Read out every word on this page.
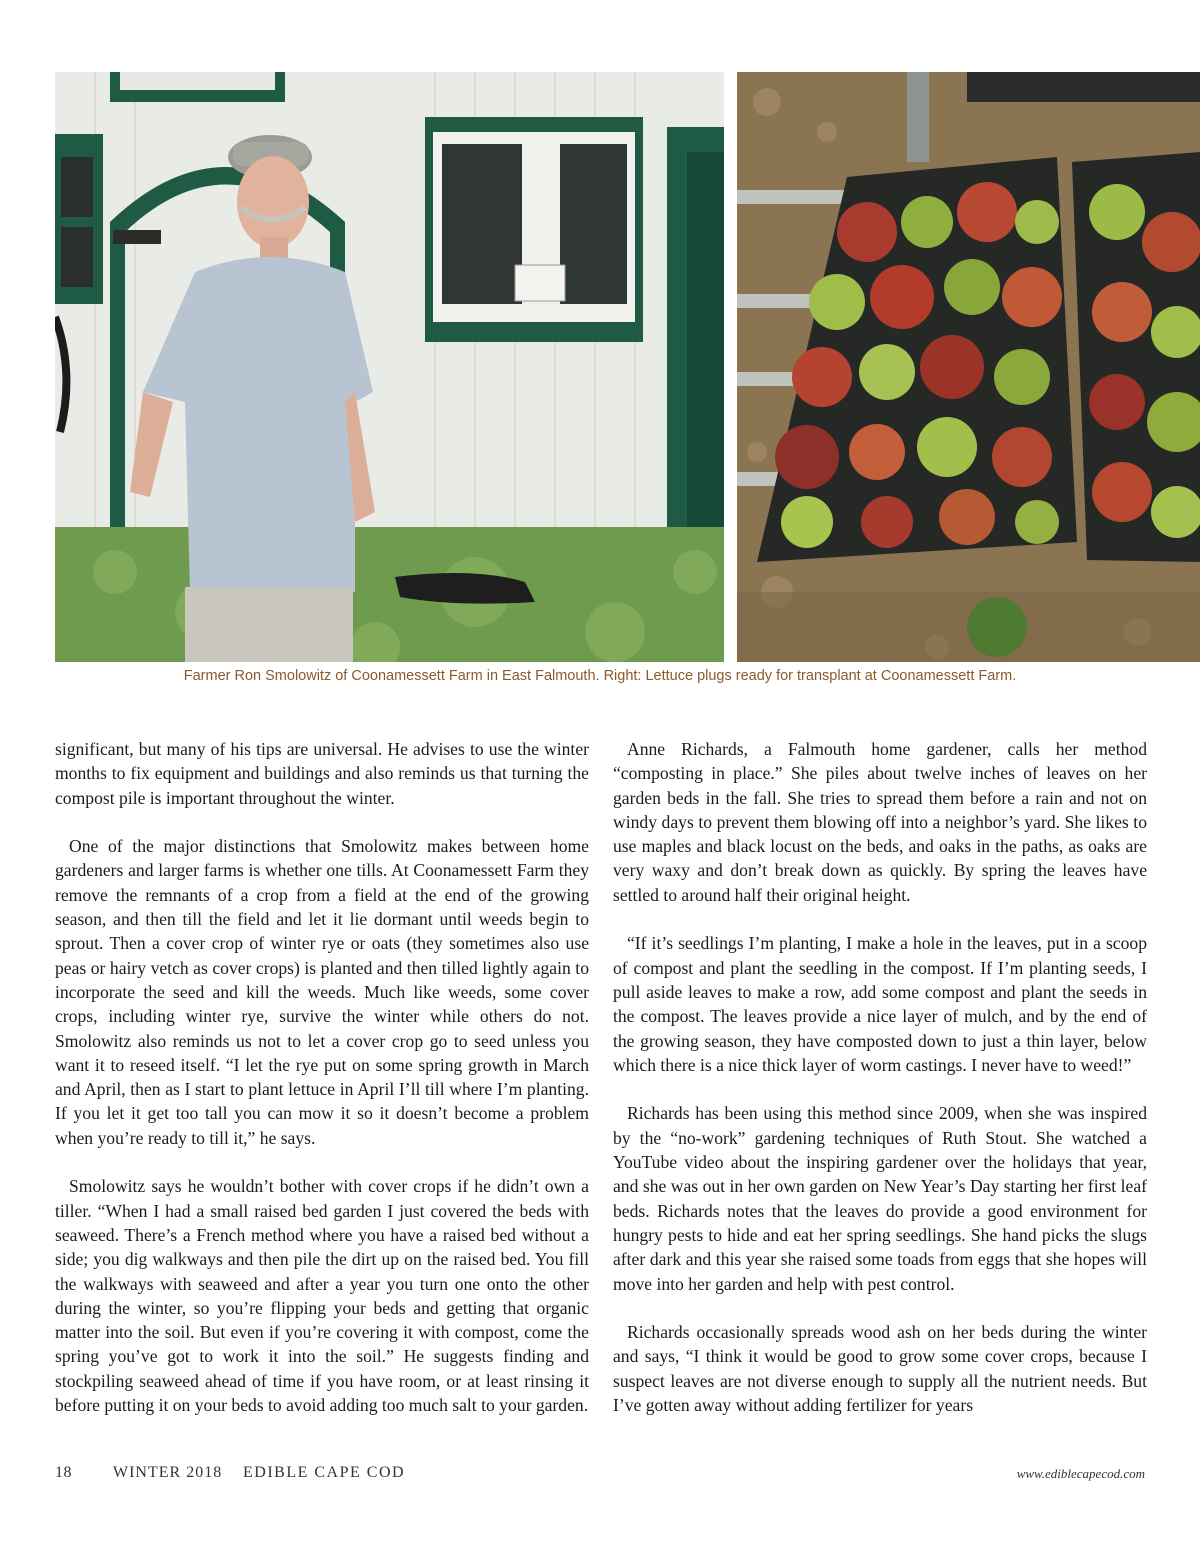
Farmer Ron Smolowitz of Coonamessett Farm in East Falmouth. Right: Lettuce plugs ready for transplant at Coonamessett Farm.

significant, but many of his tips are universal. He advises to use the winter months to fix equipment and buildings and also reminds us that turning the compost pile is important throughout the winter.

One of the major distinctions that Smolowitz makes between home gardeners and larger farms is whether one tills. At Coonamessett Farm they remove the remnants of a crop from a field at the end of the growing season, and then till the field and let it lie dormant until weeds begin to sprout. Then a cover crop of winter rye or oats (they sometimes also use peas or hairy vetch as cover crops) is planted and then tilled lightly again to incorporate the seed and kill the weeds. Much like weeds, some cover crops, including winter rye, survive the winter while others do not. Smolowitz also reminds us not to let a cover crop go to seed unless you want it to reseed itself. “I let the rye put on some spring growth in March and April, then as I start to plant lettuce in April I’ll till where I’m planting. If you let it get too tall you can mow it so it doesn’t become a problem when you’re ready to till it,” he says.

Smolowitz says he wouldn’t bother with cover crops if he didn’t own a tiller. “When I had a small raised bed garden I just covered the beds with seaweed. There’s a French method where you have a raised bed without a side; you dig walkways and then pile the dirt up on the raised bed. You fill the walkways with seaweed and after a year you turn one onto the other during the winter, so you’re flipping your beds and getting that organic matter into the soil. But even if you’re covering it with compost, come the spring you’ve got to work it into the soil.” He suggests finding and stockpiling seaweed ahead of time if you have room, or at least rinsing it before putting it on your beds to avoid adding too much salt to your garden.

Anne Richards, a Falmouth home gardener, calls her method “composting in place.” She piles about twelve inches of leaves on her garden beds in the fall. She tries to spread them before a rain and not on windy days to prevent them blowing off into a neighbor’s yard. She likes to use maples and black locust on the beds, and oaks in the paths, as oaks are very waxy and don’t break down as quickly. By spring the leaves have settled to around half their original height.

“If it’s seedlings I’m planting, I make a hole in the leaves, put in a scoop of compost and plant the seedling in the compost. If I’m planting seeds, I pull aside leaves to make a row, add some compost and plant the seeds in the compost. The leaves provide a nice layer of mulch, and by the end of the growing season, they have composted down to just a thin layer, below which there is a nice thick layer of worm castings. I never have to weed!”

Richards has been using this method since 2009, when she was inspired by the “no-work” gardening techniques of Ruth Stout. She watched a YouTube video about the inspiring gardener over the holidays that year, and she was out in her own garden on New Year’s Day starting her first leaf beds. Richards notes that the leaves do provide a good environment for hungry pests to hide and eat her spring seedlings. She hand picks the slugs after dark and this year she raised some toads from eggs that she hopes will move into her garden and help with pest control.

Richards occasionally spreads wood ash on her beds during the winter and says, “I think it would be good to grow some cover crops, because I suspect leaves are not diverse enough to supply all the nutrient needs. But I’ve gotten away without adding fertilizer for years

18	WINTER 2018 EDIBLE CAPE COD	www.ediblecapecod.com
